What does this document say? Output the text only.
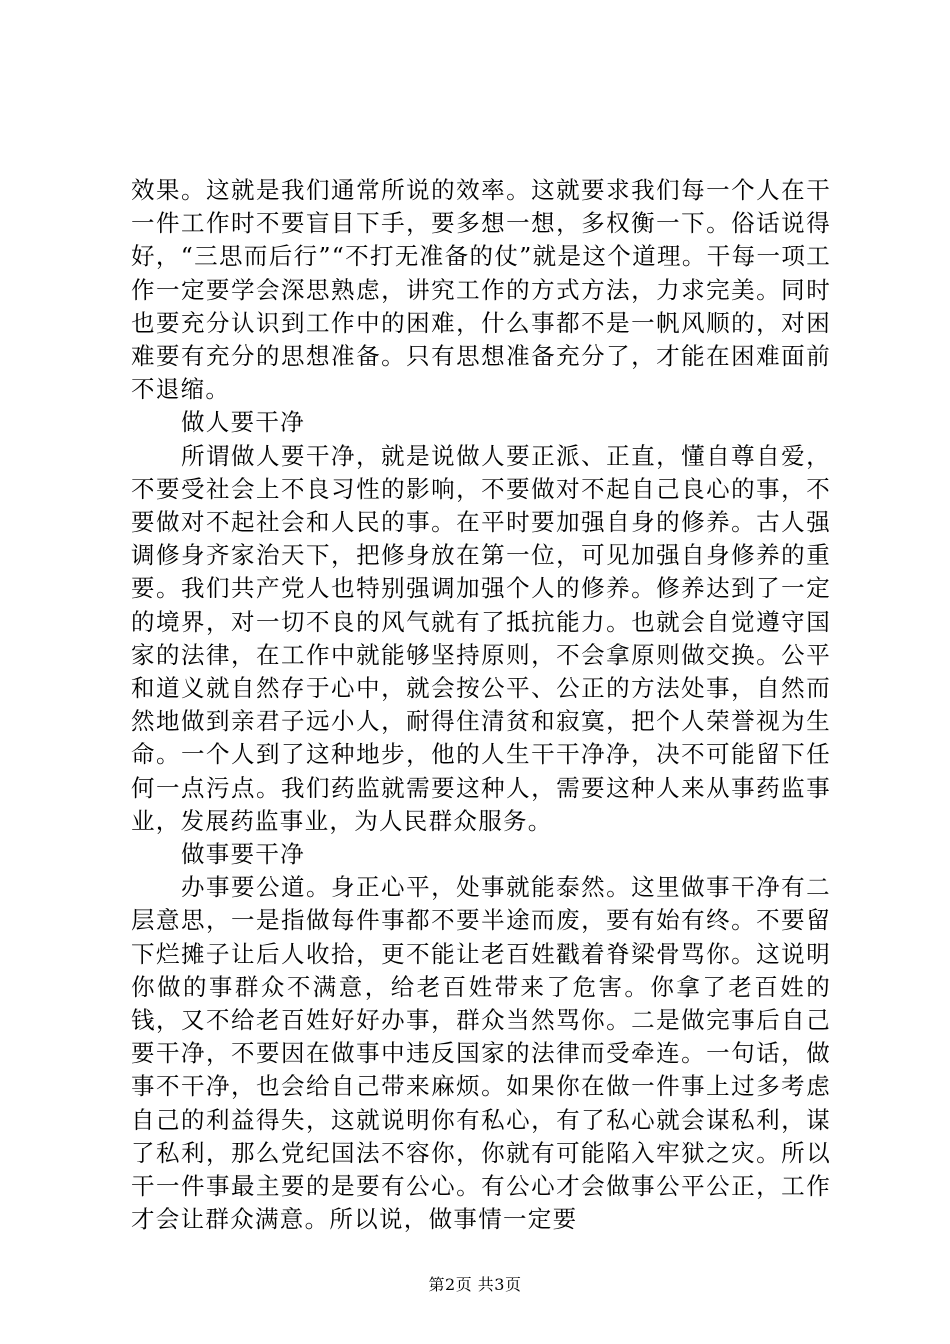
效果。这就是我们通常所说的效率。这就要求我们每一个人在干一件工作时不要盲目下手，要多想一想，多权衡一下。俗话说得好，“三思而后行”“不打无准备的仗”就是这个道理。干每一项工作一定要学会深思熟虑，讲究工作的方式方法，力求完美。同时也要充分认识到工作中的困难，什么事都不是一帆风顺的，对困难要有充分的思想准备。只有思想准备充分了，才能在困难面前不退缩。

做人要干净

所谓做人要干净，就是说做人要正派、正直，懂自尊自爱，不要受社会上不良习性的影响，不要做对不起自己良心的事，不要做对不起社会和人民的事。在平时要加强自身的修养。古人强调修身齐家治天下，把修身放在第一位，可见加强自身修养的重要。我们共产党人也特别强调加强个人的修养。修养达到了一定的境界，对一切不良的风气就有了抵抗能力。也就会自觉遵守国家的法律，在工作中就能够坚持原则，不会拿原则做交换。公平和道义就自然存于心中，就会按公平、公正的方法处事，自然而然地做到亲君子远小人，耐得住清贫和寂寞，把个人荣誉视为生命。一个人到了这种地步，他的人生干干净净，决不可能留下任何一点污点。我们药监就需要这种人，需要这种人来从事药监事业，发展药监事业，为人民群众服务。

做事要干净

办事要公道。身正心平，处事就能泰然。这里做事干净有二层意思，一是指做每件事都不要半途而废，要有始有终。不要留下烂摊子让后人收拾，更不能让老百姓戳着脊梁骨骂你。这说明你做的事群众不满意，给老百姓带来了危害。你拿了老百姓的钱，又不给老百姓好好办事，群众当然骂你。二是做完事后自己要干净，不要因在做事中违反国家的法律而受牵连。一句话，做事不干净，也会给自己带来麻烦。如果你在做一件事上过多考虑自己的利益得失，这就说明你有私心，有了私心就会谋私利，谋了私利，那么党纪国法不容你，你就有可能陷入牢狱之灾。所以干一件事最主要的是要有公心。有公心才会做事公平公正，工作才会让群众满意。所以说，做事情一定要

第2页 共3页
